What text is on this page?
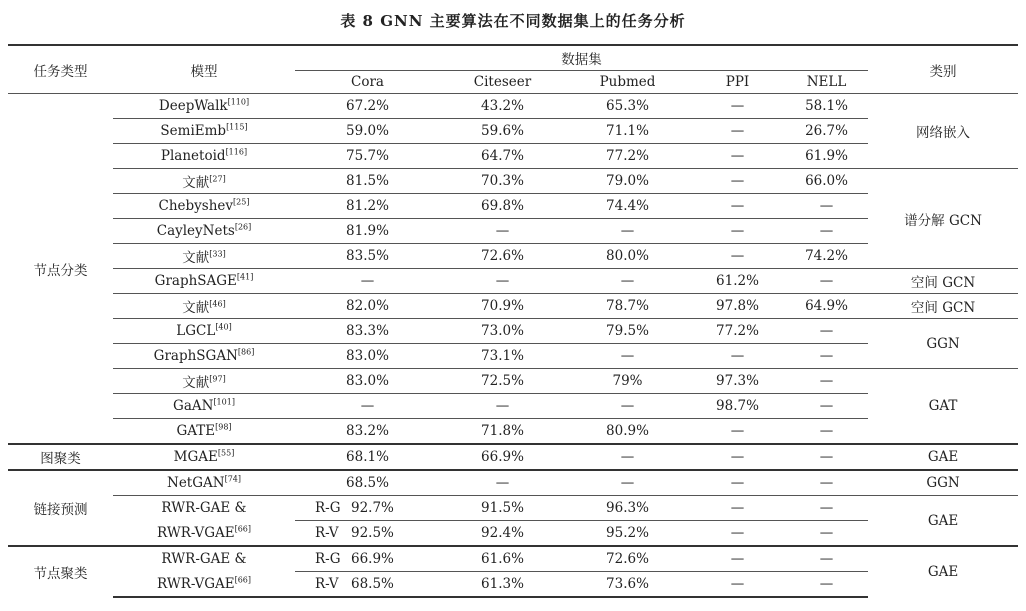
表 8 GNN 主要算法在不同数据集上的任务分析
任务类型	模型	数据集					类别
		Cora	Citeseer	Pubmed	PPI	NELL	
节点分类	DeepWalk[110]	67.2%	43.2%	65.3%	—	58.1%	网络嵌入
	SemiEmb[115]	59.0%	59.6%	71.1%	—	26.7%	
	Planetoid[116]	75.7%	64.7%	77.2%	—	61.9%	
	文献[27]	81.5%	70.3%	79.0%	—	66.0%	谱分解 GCN
	Chebyshev[25]	81.2%	69.8%	74.4%	—	—	
	CayleyNets[26]	81.9%	—	—	—	—	
	文献[33]	83.5%	72.6%	80.0%	—	74.2%	
	GraphSAGE[41]	—	—	—	61.2%	—	空间 GCN
	文献[46]	82.0%	70.9%	78.7%	97.8%	64.9%	空间 GCN
	LGCL[40]	83.3%	73.0%	79.5%	77.2%	—	GGN
	GraphSGAN[86]	83.0%	73.1%	—	—	—	
	文献[97]	83.0%	72.5%	79%	97.3%	—	GAT
	GaAN[101]	—	—	—	98.7%	—	
	GATE[98]	83.2%	71.8%	80.9%	—	—	
图聚类	MGAE[55]	68.1%	66.9%	—	—	—	GAE
链接预测	NetGAN[74]	68.5%	—	—	—	—	GGN
	RWR-GAE &	R-G 92.7%	91.5%	96.3%	—	—	GAE
	RWR-VGAE[66]	R-V 92.5%	92.4%	95.2%	—	—	
节点聚类	RWR-GAE &	R-G 66.9%	61.6%	72.6%	—	—	GAE
	RWR-VGAE[66]	R-V 68.5%	61.3%	73.6%	—	—	
